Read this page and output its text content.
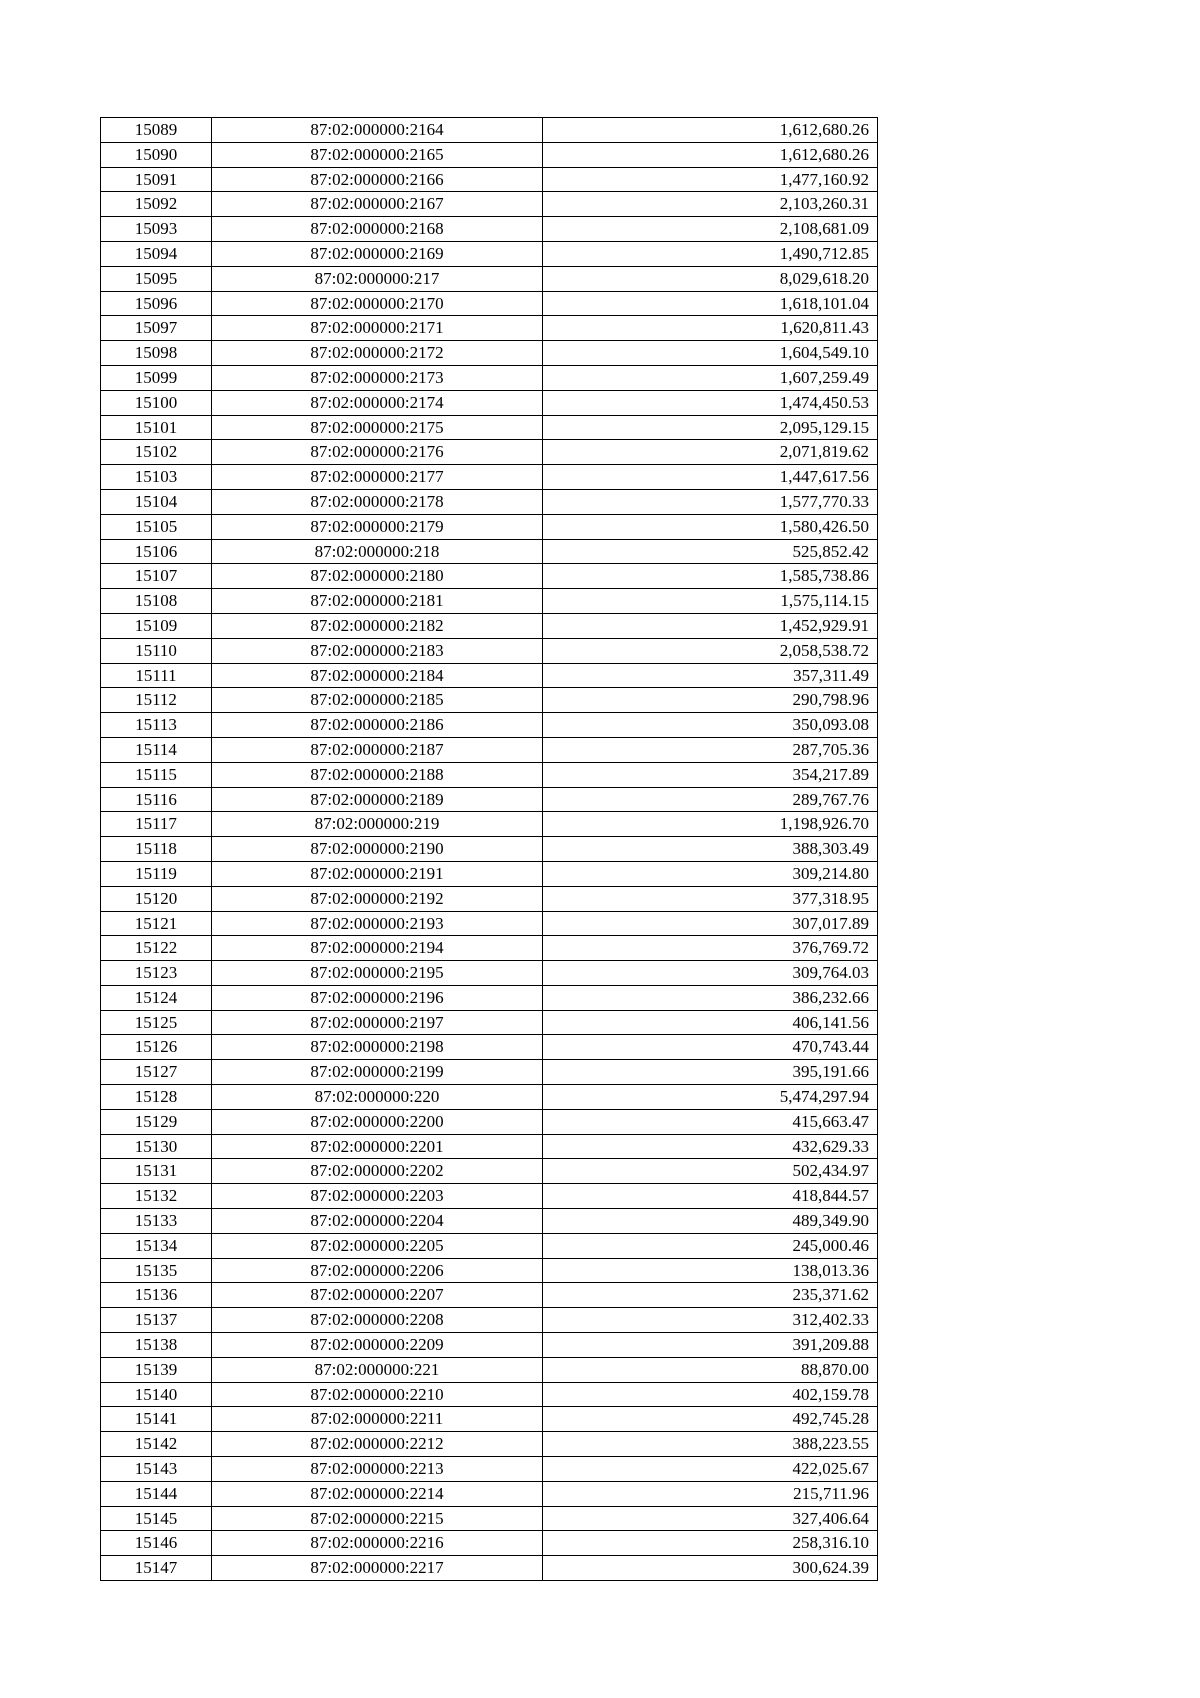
15089	87:02:000000:2164	1,612,680.26
15090	87:02:000000:2165	1,612,680.26
15091	87:02:000000:2166	1,477,160.92
15092	87:02:000000:2167	2,103,260.31
15093	87:02:000000:2168	2,108,681.09
15094	87:02:000000:2169	1,490,712.85
15095	87:02:000000:217	8,029,618.20
15096	87:02:000000:2170	1,618,101.04
15097	87:02:000000:2171	1,620,811.43
15098	87:02:000000:2172	1,604,549.10
15099	87:02:000000:2173	1,607,259.49
15100	87:02:000000:2174	1,474,450.53
15101	87:02:000000:2175	2,095,129.15
15102	87:02:000000:2176	2,071,819.62
15103	87:02:000000:2177	1,447,617.56
15104	87:02:000000:2178	1,577,770.33
15105	87:02:000000:2179	1,580,426.50
15106	87:02:000000:218	525,852.42
15107	87:02:000000:2180	1,585,738.86
15108	87:02:000000:2181	1,575,114.15
15109	87:02:000000:2182	1,452,929.91
15110	87:02:000000:2183	2,058,538.72
15111	87:02:000000:2184	357,311.49
15112	87:02:000000:2185	290,798.96
15113	87:02:000000:2186	350,093.08
15114	87:02:000000:2187	287,705.36
15115	87:02:000000:2188	354,217.89
15116	87:02:000000:2189	289,767.76
15117	87:02:000000:219	1,198,926.70
15118	87:02:000000:2190	388,303.49
15119	87:02:000000:2191	309,214.80
15120	87:02:000000:2192	377,318.95
15121	87:02:000000:2193	307,017.89
15122	87:02:000000:2194	376,769.72
15123	87:02:000000:2195	309,764.03
15124	87:02:000000:2196	386,232.66
15125	87:02:000000:2197	406,141.56
15126	87:02:000000:2198	470,743.44
15127	87:02:000000:2199	395,191.66
15128	87:02:000000:220	5,474,297.94
15129	87:02:000000:2200	415,663.47
15130	87:02:000000:2201	432,629.33
15131	87:02:000000:2202	502,434.97
15132	87:02:000000:2203	418,844.57
15133	87:02:000000:2204	489,349.90
15134	87:02:000000:2205	245,000.46
15135	87:02:000000:2206	138,013.36
15136	87:02:000000:2207	235,371.62
15137	87:02:000000:2208	312,402.33
15138	87:02:000000:2209	391,209.88
15139	87:02:000000:221	88,870.00
15140	87:02:000000:2210	402,159.78
15141	87:02:000000:2211	492,745.28
15142	87:02:000000:2212	388,223.55
15143	87:02:000000:2213	422,025.67
15144	87:02:000000:2214	215,711.96
15145	87:02:000000:2215	327,406.64
15146	87:02:000000:2216	258,316.10
15147	87:02:000000:2217	300,624.39
